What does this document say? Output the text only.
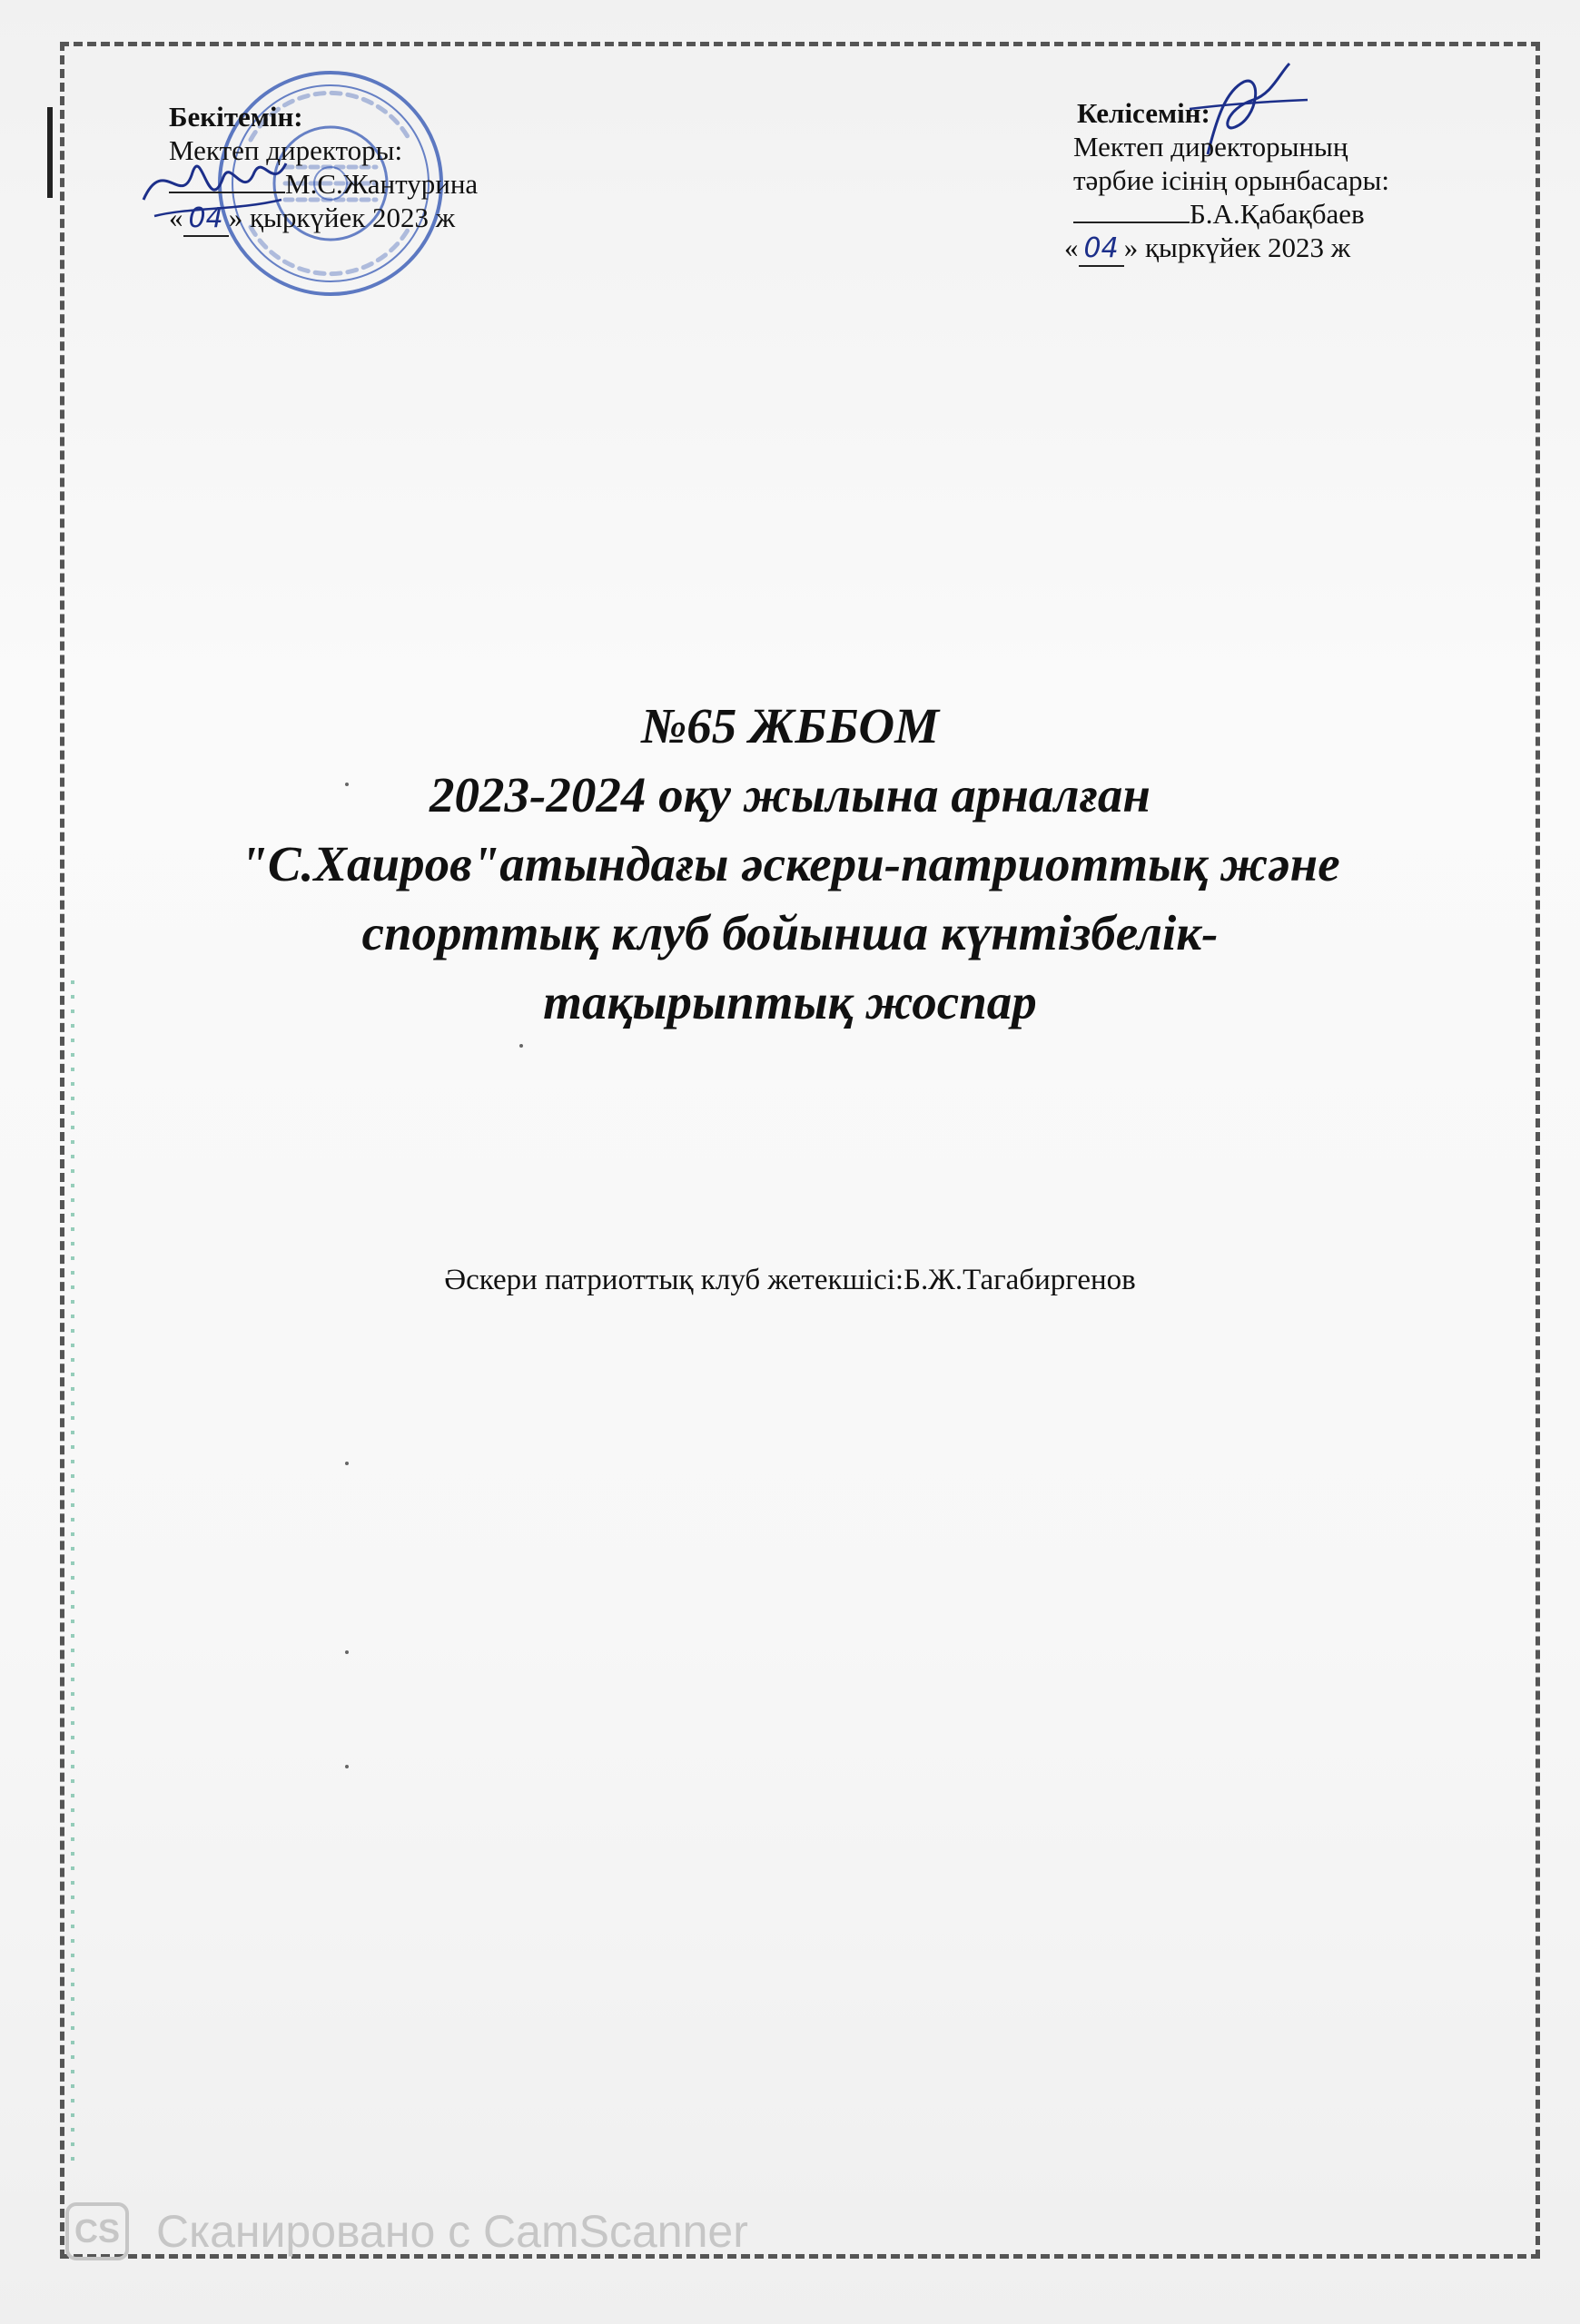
Бекітемін:
Мектеп директоры:
М.С.Жантурина
« 04 » қыркүйек 2023 ж
Келісемін:
Мектеп директорының
тәрбие ісінің орынбасары:
Б.А.Қабақбаев
« 04 » қыркүйек 2023 ж
№65 ЖББОМ
2023-2024 оқу жылына арналған
"С.Хаиров"атындағы әскери-патриоттық және
спорттық клуб бойынша күнтізбелік-
тақырыптық жоспар
Әскери патриоттық клуб жетекшісі:Б.Ж.Тагабиргенов
CS Сканировано с CamScanner
